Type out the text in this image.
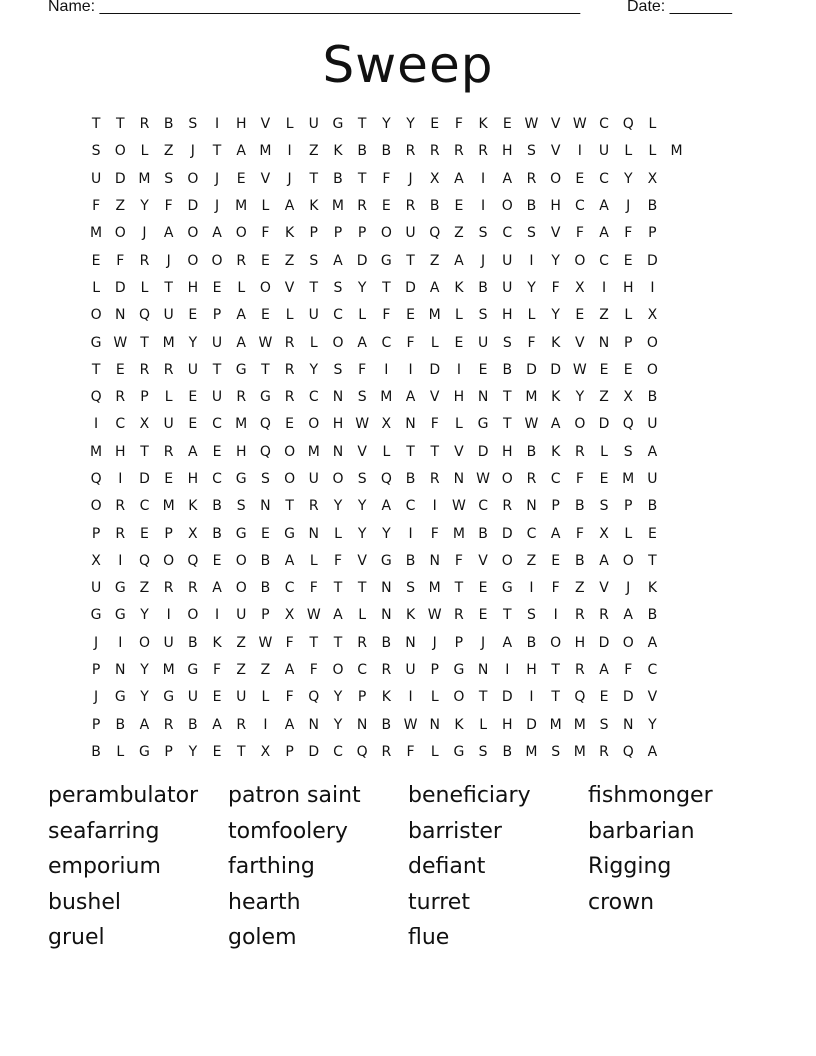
Name: ______________________________________________________	Date: _______
Sweep
T	T	R	B	S	I	H	V	L	U G	T	Y	Y	E	F	K	E W V W C Q	L
S	O	L	Z	J	T	A M	I	Z	K	B	B	R	R	R	R	H	S	V	I	U	L	L	M
U D M S	O	J	E	V	J	T	B	T	F	J	X	A	I	A	R O	E	C	Y	X
F	Z	Y	F	D	J	M	L	A	K M R	E	R	B	E	I	O B	H	C	A	J	B
M O	J	A O A O	F	K	P	P	P	O U Q Z	S	C	S	V	F	A	F	P
E	F	R	J	O O R	E	Z	S	A	D G	T	Z	A	J	U	I	Y	O C	E	D
L	D	L	T	H	E	L	O V	T	S	Y	T	D	A	K	B	U	Y	F	X	I	H	I
O N Q U	E	P	A	E	L	U	C	L	F	E M	L	S	H	L	Y	E	Z	L	X
G W T M Y	U	A W R	L	O A	C	F	L	E	U	S	F	K	V	N	P	O
T	E	R	R	U	T	G	T	R	Y	S	F	I	I	D	I	E	B	D D W E	E	O
Q R	P	L	E	U	R G R	C	N	S M A	V	H N	T M K	Y	Z	X	B
I	C	X	U	E	C M Q	E	O H W X	N	F	L	G	T W A O D Q U
M H	T	R	A	E	H Q O M N	V	L	T	T	V	D H	B	K	R	L	S	A
Q	I	D	E	H	C G	S	O U O	S	Q B	R	N W O R	C	F	E M U
O R	C M K	B	S	N	T	R	Y	Y	A	C	I	W C	R	N	P	B	S	P	B
P	R	E	P	X	B G	E	G N	L	Y	Y	I	F	M B	D C	A	F	X	L	E
X	I	Q O Q	E	O B	A	L	F	V G B	N	F	V O Z	E	B	A O	T
U G Z	R	R	A O B	C	F	T	T	N	S M T	E	G	I	F	Z	V	J	K
G G	Y	I	O	I	U	P	X W A	L	N	K W R	E	T	S	I	R	R	A	B
J	I	O U	B	K	Z W F	T	T	R	B	N	J	P	J	A	B O H D O A
P	N	Y M G	F	Z	Z	A	F	O C	R	U	P	G N	I	H	T	R	A	F	C
J	G	Y	G U	E	U	L	F	Q	Y	P	K	I	L	O	T	D	I	T	Q	E	D	V
P	B	A	R	B	A	R	I	A	N	Y	N	B W N	K	L	H D M M S	N	Y
B	L	G	P	Y	E	T	X	P	D C Q R	F	L	G	S	B M S M R Q A
perambulator	patron saint	beneficiary	fishmonger
seafarring	tomfoolery	barrister	barbarian
emporium	farthing	defiant	Rigging
bushel	hearth	turret	crown
gruel	golem	flue
